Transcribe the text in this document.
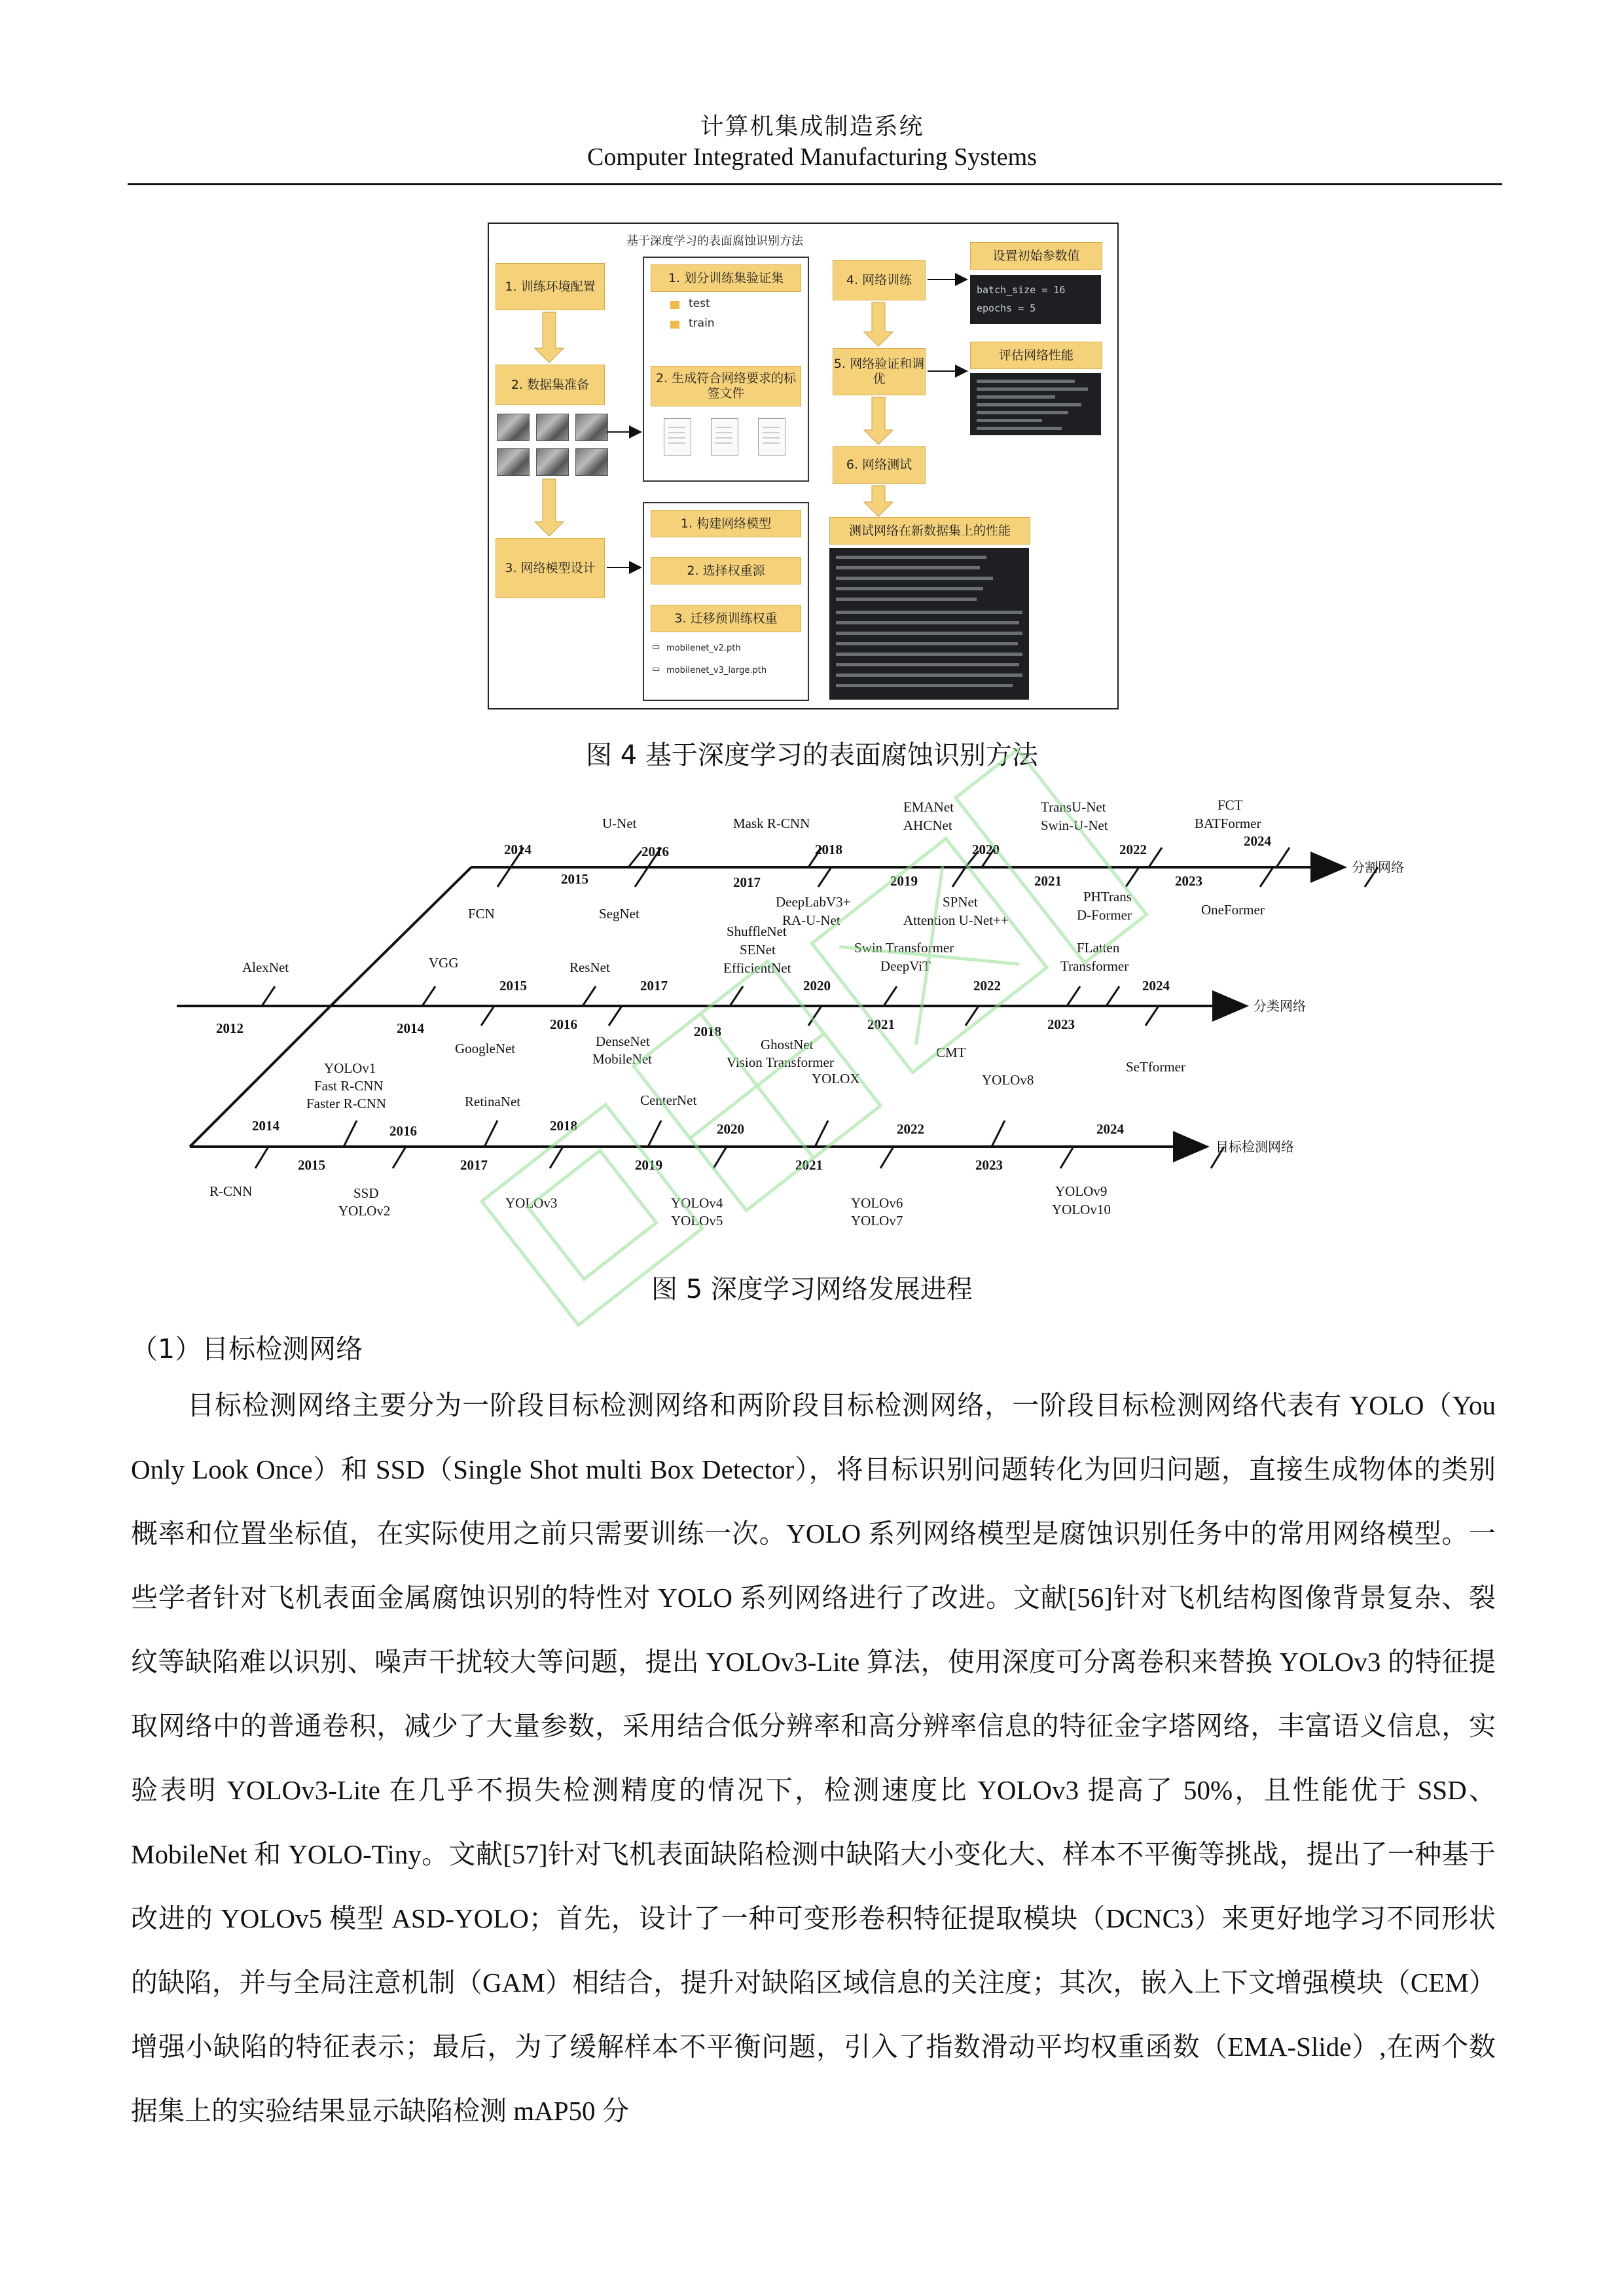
计算机集成制造系统
Computer Integrated Manufacturing Systems
基于深度学习的表面腐蚀识别方法
1. 训练环境配置
2. 数据集准备
3. 网络模型设计
1. 划分训练集验证集
test
train
2. 生成符合网络要求的标签文件
1. 构建网络模型
2. 选择权重源
3. 迁移预训练权重
▭ mobilenet_v2.pth
▭ mobilenet_v3_large.pth
4. 网络训练
5. 网络验证和调优
6. 网络测试
设置初始参数值
batch_size = 16
epochs = 5
评估网络性能
测试网络在新数据集上的性能
图 4 基于深度学习的表面腐蚀识别方法
分割网络
分类网络
目标检测网络
2014	2016	2018	2020	2022
2024
2015	2017	2019	2021	2023
U-Net	Mask R-CNN
EMANet
AHCNet
TransU-Net
Swin-U-Net
FCT
BATFormer
FCN	SegNet
DeepLabV3+
RA-U-Net
SPNet
Attention U-Net++
PHTrans
D-Former	OneFormer
2015	2017	2020	2022	2024
2012	2014	2016	2018	2021	2023
AlexNet	VGG	ResNet
ShuffleNet
SENet
EfficientNet
Swin Transformer
DeepViT
FLatten
Transformer
GoogleNet	DenseNet
MobileNet
GhostNet
Vision Transformer
CMT
SeTformer
2014	2016	2018	2020	2022	2024
2015	2017	2019	2021	2023
YOLOv1
Fast R-CNN
Faster R-CNN	RetinaNet	CenterNet
YOLOX	YOLOv8
R-CNN	SSD
YOLOv2	YOLOv3	YOLOv4
YOLOv5
YOLOv6
YOLOv7
YOLOv9
YOLOv10
图 5 深度学习网络发展进程
（1）目标检测网络

目标检测网络主要分为一阶段目标检测网络和两阶段目标检测网络，一阶段目标检测网络代表有 YOLO（You Only Look Once）和 SSD（Single Shot multi Box Detector），将目标识别问题转化为回归问题，直接生成物体的类别概率和位置坐标值，在实际使用之前只需要训练一次。YOLO 系列网络模型是腐蚀识别任务中的常用网络模型。一些学者针对飞机表面金属腐蚀识别的特性对 YOLO 系列网络进行了改进。文献[56]针对飞机结构图像背景复杂、裂纹等缺陷难以识别、噪声干扰较大等问题，提出 YOLOv3-Lite 算法，使用深度可分离卷积来替换 YOLOv3 的特征提取网络中的普通卷积，减少了大量参数，采用结合低分辨率和高分辨率信息的特征金字塔网络，丰富语义信息，实验表明 YOLOv3-Lite 在几乎不损失检测精度的情况下，检测速度比 YOLOv3 提高了 50%，且性能优于 SSD、MobileNet 和 YOLO-Tiny。文献[57]针对飞机表面缺陷检测中缺陷大小变化大、样本不平衡等挑战，提出了一种基于改进的 YOLOv5 模型 ASD-YOLO；首先，设计了一种可变形卷积特征提取模块（DCNC3）来更好地学习不同形状的缺陷，并与全局注意机制（GAM）相结合，提升对缺陷区域信息的关注度；其次，嵌入上下文增强模块（CEM）增强小缺陷的特征表示；最后，为了缓解样本不平衡问题，引入了指数滑动平均权重函数（EMA-Slide）,在两个数据集上的实验结果显示缺陷检测 mAP50 分
